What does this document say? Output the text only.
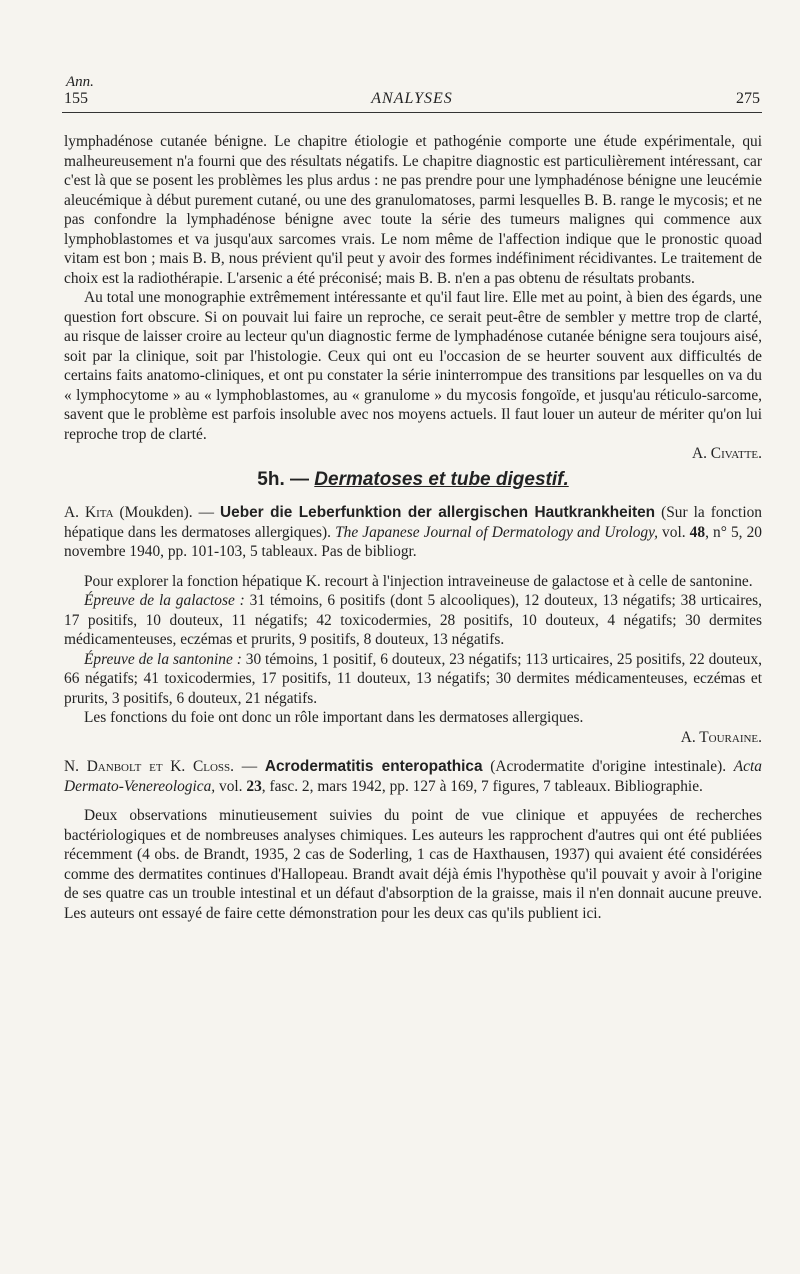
Ann.
155	ANALYSES	275

lymphadénose cutanée bénigne. Le chapitre étiologie et pathogénie comporte une étude expérimentale, qui malheureusement n'a fourni que des résultats négatifs. Le chapitre diagnostic est particulièrement intéressant, car c'est là que se posent les problèmes les plus ardus : ne pas prendre pour une lymphadénose bénigne une leucémie aleucémique à début purement cutané, ou une des granulomatoses, parmi lesquelles B. B. range le mycosis; et ne pas confondre la lymphadénose bénigne avec toute la série des tumeurs malignes qui commence aux lymphoblastomes et va jusqu'aux sarcomes vrais. Le nom même de l'affection indique que le pronostic quoad vitam est bon ; mais B. B, nous prévient qu'il peut y avoir des formes indéfiniment récidivantes. Le traitement de choix est la radiothérapie. L'arsenic a été préconisé; mais B. B. n'en a pas obtenu de résultats probants.

Au total une monographie extrêmement intéressante et qu'il faut lire. Elle met au point, à bien des égards, une question fort obscure. Si on pouvait lui faire un reproche, ce serait peut-être de sembler y mettre trop de clarté, au risque de laisser croire au lecteur qu'un diagnostic ferme de lymphadénose cutanée bénigne sera toujours aisé, soit par la clinique, soit par l'histologie. Ceux qui ont eu l'occasion de se heurter souvent aux difficultés de certains faits anatomo-cliniques, et ont pu constater la série ininterrompue des transitions par lesquelles on va du « lymphocytome » au « lymphoblastomes, au « granulome » du mycosis fongoïde, et jusqu'au réticulo-sarcome, savent que le problème est parfois insoluble avec nos moyens actuels. Il faut louer un auteur de mériter qu'on lui reproche trop de clarté.

A. Civatte.

5h. — Dermatoses et tube digestif.

A. Kita (Moukden). — Ueber die Leberfunktion der allergischen Hautkrankheiten (Sur la fonction hépatique dans les dermatoses allergiques). The Japanese Journal of Dermatology and Urology, vol. 48, n° 5, 20 novembre 1940, pp. 101-103, 5 tableaux. Pas de bibliogr.

Pour explorer la fonction hépatique K. recourt à l'injection intraveineuse de galactose et à celle de santonine.

Épreuve de la galactose : 31 témoins, 6 positifs (dont 5 alcooliques), 12 douteux, 13 négatifs; 38 urticaires, 17 positifs, 10 douteux, 11 négatifs; 42 toxicodermies, 28 positifs, 10 douteux, 4 négatifs; 30 dermites médicamenteuses, eczémas et prurits, 9 positifs, 8 douteux, 13 négatifs.

Épreuve de la santonine : 30 témoins, 1 positif, 6 douteux, 23 négatifs; 113 urticaires, 25 positifs, 22 douteux, 66 négatifs; 41 toxicodermies, 17 positifs, 11 douteux, 13 négatifs; 30 dermites médicamenteuses, eczémas et prurits, 3 positifs, 6 douteux, 21 négatifs.

Les fonctions du foie ont donc un rôle important dans les dermatoses allergiques.

A. Touraine.

N. Danbolt et K. Closs. — Acrodermatitis enteropathica (Acrodermatite d'origine intestinale). Acta Dermato-Venereologica, vol. 23, fasc. 2, mars 1942, pp. 127 à 169, 7 figures, 7 tableaux. Bibliographie.

Deux observations minutieusement suivies du point de vue clinique et appuyées de recherches bactériologiques et de nombreuses analyses chimiques. Les auteurs les rapprochent d'autres qui ont été publiées récemment (4 obs. de Brandt, 1935, 2 cas de Soderling, 1 cas de Haxthausen, 1937) qui avaient été considérées comme des dermatites continues d'Hallopeau. Brandt avait déjà émis l'hypothèse qu'il pouvait y avoir à l'origine de ses quatre cas un trouble intestinal et un défaut d'absorption de la graisse, mais il n'en donnait aucune preuve. Les auteurs ont essayé de faire cette démonstration pour les deux cas qu'ils publient ici.
